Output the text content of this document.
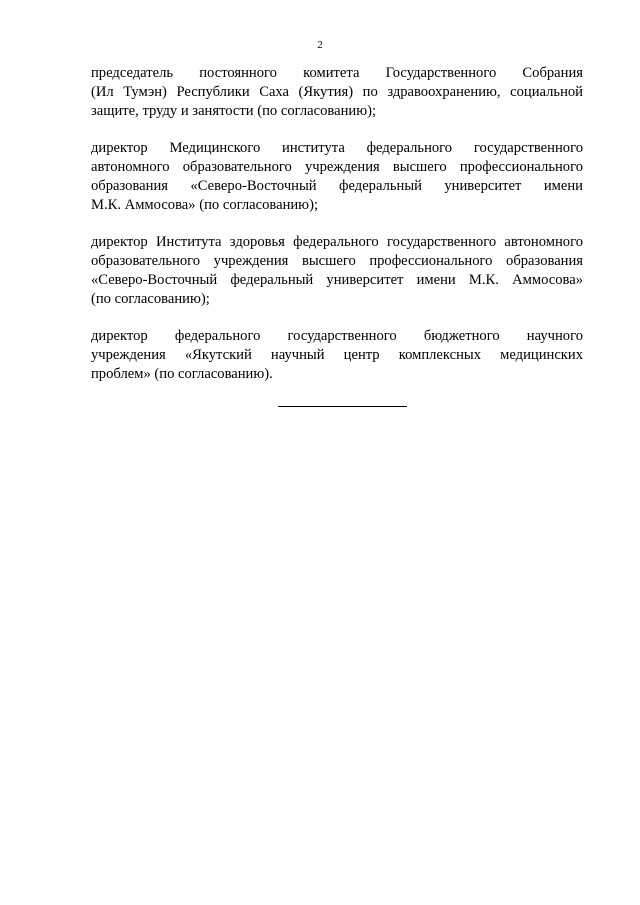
2

председатель постоянного комитета Государственного Собрания
(Ил Тумэн) Республики Саха (Якутия) по здравоохранению, социальной
защите, труду и занятости (по согласованию);

директор Медицинского института федерального государственного
автономного образовательного учреждения высшего профессионального
образования «Северо-Восточный федеральный университет имени
М.К. Аммосова» (по согласованию);

директор Института здоровья федерального государственного автономного
образовательного учреждения высшего профессионального образования
«Северо-Восточный федеральный университет имени М.К. Аммосова»
(по согласованию);

директор федерального государственного бюджетного научного
учреждения «Якутский научный центр комплексных медицинских
проблем» (по согласованию).
